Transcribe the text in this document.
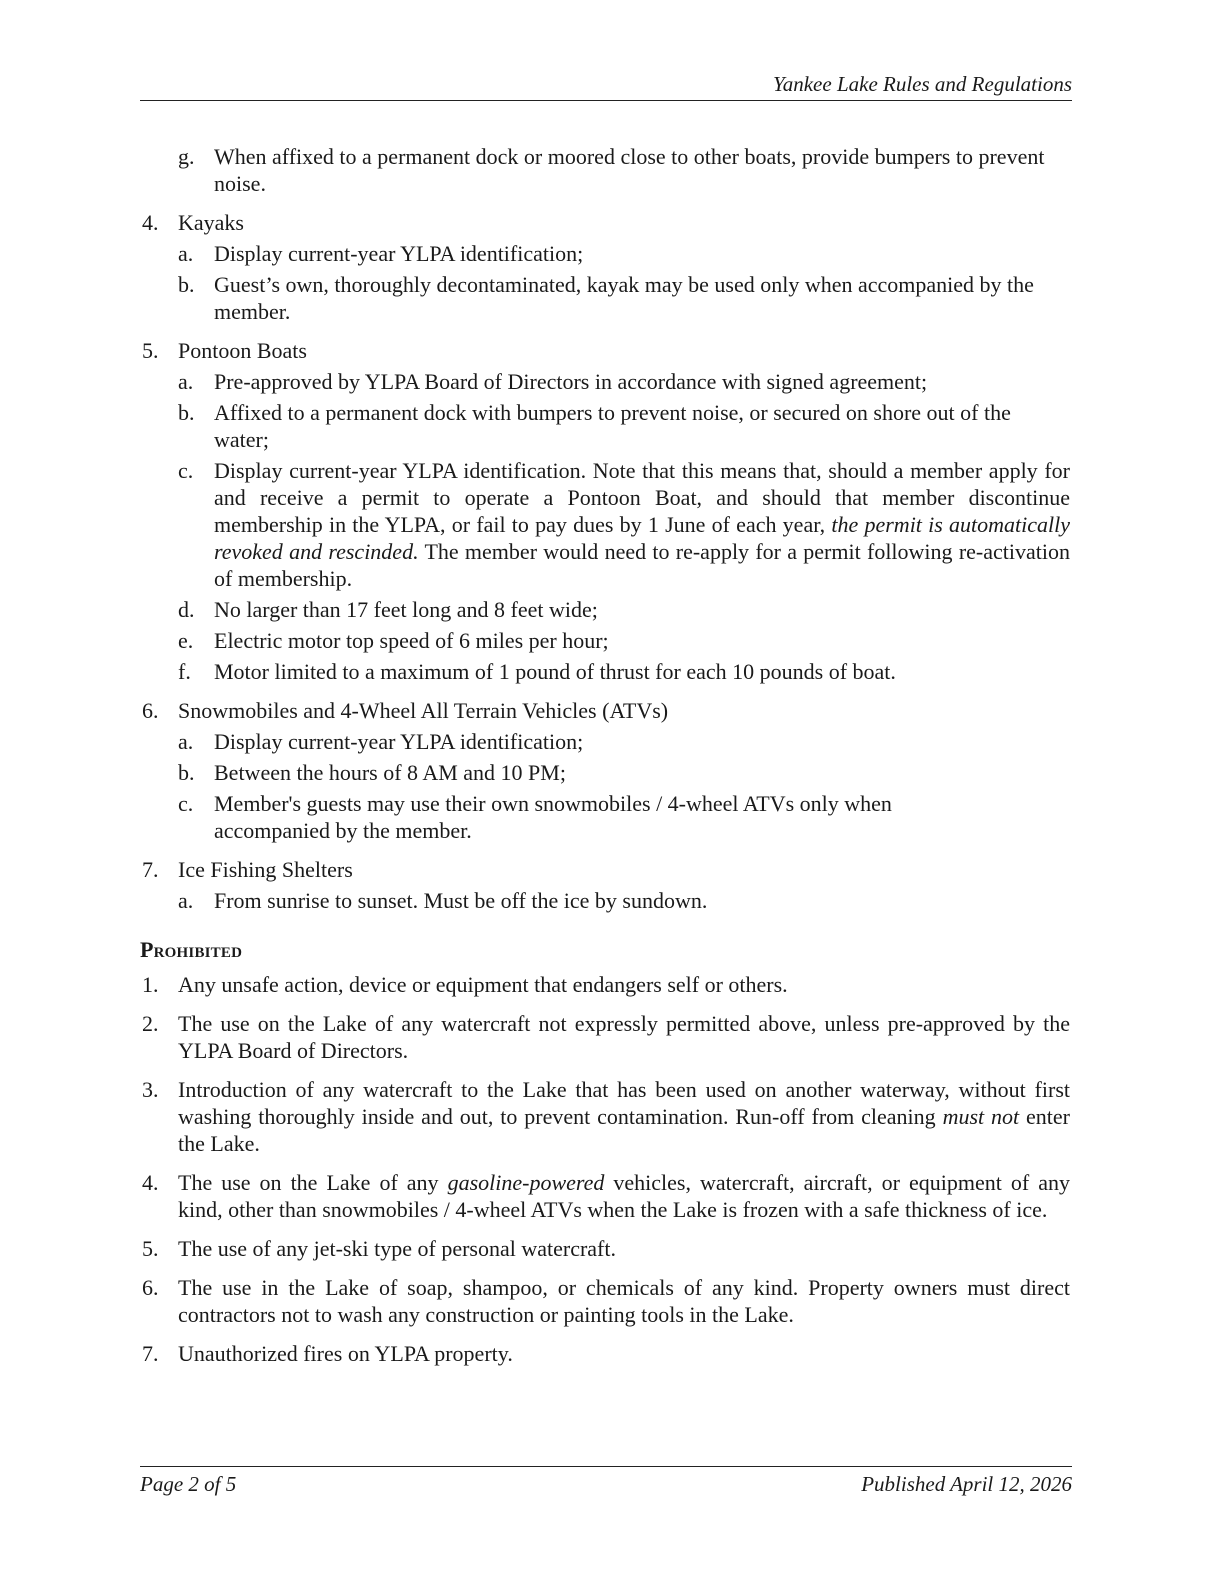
Yankee Lake Rules and Regulations
g. When affixed to a permanent dock or moored close to other boats, provide bumpers to prevent noise.
4. Kayaks
a. Display current-year YLPA identification;
b. Guest’s own, thoroughly decontaminated, kayak may be used only when accompanied by the member.
5. Pontoon Boats
a. Pre-approved by YLPA Board of Directors in accordance with signed agreement;
b. Affixed to a permanent dock with bumpers to prevent noise, or secured on shore out of the water;
c. Display current-year YLPA identification. Note that this means that, should a member apply for and receive a permit to operate a Pontoon Boat, and should that member discontinue membership in the YLPA, or fail to pay dues by 1 June of each year, the permit is automatically revoked and rescinded. The member would need to re-apply for a permit following re-activation of membership.
d. No larger than 17 feet long and 8 feet wide;
e. Electric motor top speed of 6 miles per hour;
f. Motor limited to a maximum of 1 pound of thrust for each 10 pounds of boat.
6. Snowmobiles and 4-Wheel All Terrain Vehicles (ATVs)
a. Display current-year YLPA identification;
b. Between the hours of 8 AM and 10 PM;
c. Member's guests may use their own snowmobiles / 4-wheel ATVs only when accompanied by the member.
7. Ice Fishing Shelters
a. From sunrise to sunset. Must be off the ice by sundown.
Prohibited
1. Any unsafe action, device or equipment that endangers self or others.
2. The use on the Lake of any watercraft not expressly permitted above, unless pre-approved by the YLPA Board of Directors.
3. Introduction of any watercraft to the Lake that has been used on another waterway, without first washing thoroughly inside and out, to prevent contamination. Run-off from cleaning must not enter the Lake.
4. The use on the Lake of any gasoline-powered vehicles, watercraft, aircraft, or equipment of any kind, other than snowmobiles / 4-wheel ATVs when the Lake is frozen with a safe thickness of ice.
5. The use of any jet-ski type of personal watercraft.
6. The use in the Lake of soap, shampoo, or chemicals of any kind. Property owners must direct contractors not to wash any construction or painting tools in the Lake.
7. Unauthorized fires on YLPA property.
Page 2 of 5	Published April 12, 2026
